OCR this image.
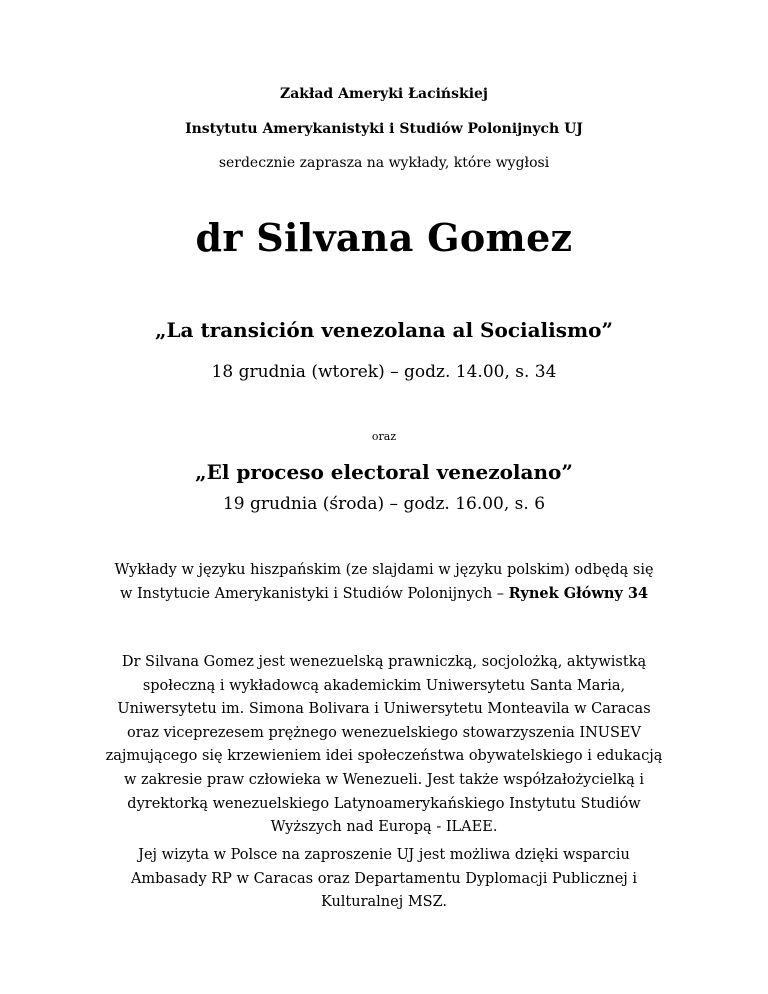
Zakład Ameryki Łacińskiej
Instytutu Amerykanistyki i Studiów Polonijnych UJ
serdecznie zaprasza na wykłady, które wygłosi
dr Silvana Gomez
„La transición venezolana al Socialismo”
18 grudnia (wtorek) – godz. 14.00, s. 34
oraz
„El proceso electoral venezolano”
19 grudnia (środa) – godz. 16.00, s. 6
Wykłady w języku hiszpańskim (ze slajdami w języku polskim) odbędą się
w Instytucie Amerykanistyki i Studiów Polonijnych – Rynek Główny 34
Dr Silvana Gomez jest wenezuelską prawniczką, socjolożką, aktywistką
społeczną i wykładowcą akademickim Uniwersytetu Santa Maria,
Uniwersytetu im. Simona Bolivara i Uniwersytetu Monteavila w Caracas
oraz viceprezesem prężnego wenezuelskiego stowarzyszenia INUSEV
zajmującego się krzewieniem idei społeczeństwa obywatelskiego i edukacją
w zakresie praw człowieka w Wenezueli. Jest także współzałożycielką i
dyrektorką wenezuelskiego Latynoamerykańskiego Instytutu Studiów
Wyższych nad Europą - ILAEE.
Jej wizyta w Polsce na zaproszenie UJ jest możliwa dzięki wsparciu
Ambasady RP w Caracas oraz Departamentu Dyplomacji Publicznej i
Kulturalnej MSZ.
